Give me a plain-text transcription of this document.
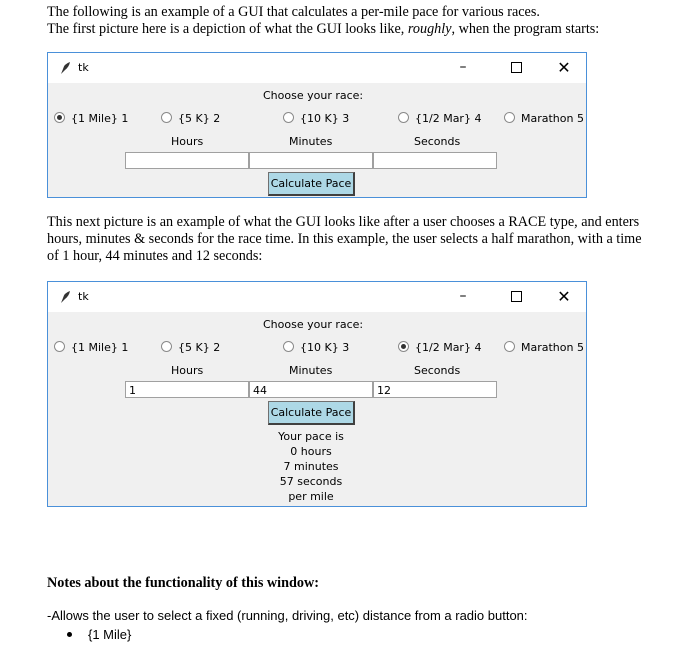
The following is an example of a GUI that calculates a per-mile pace for various races.

The first picture here is a depiction of what the GUI looks like, roughly, when the program starts:

tk	–	✕
Choose your race:
{1 Mile} 1	{5 K} 2	{10 K} 3	{1/2 Mar} 4	Marathon 5
Hours	Minutes	Seconds
Calculate Pace

This next picture is an example of what the GUI looks like after a user chooses a RACE type, and enters

hours, minutes & seconds for the race time. In this example, the user selects a half marathon, with a time

of 1 hour, 44 minutes and 12 seconds:

tk	–	✕
Choose your race:
{1 Mile} 1	{5 K} 2	{10 K} 3	{1/2 Mar} 4	Marathon 5
Hours	Minutes	Seconds
1	44	12
Calculate Pace
Your pace is
0 hours
7 minutes
57 seconds
per mile
Notes about the functionality of this window:
-Allows the user to select a fixed (running, driving, etc) distance from a radio button:
{1 Mile}
